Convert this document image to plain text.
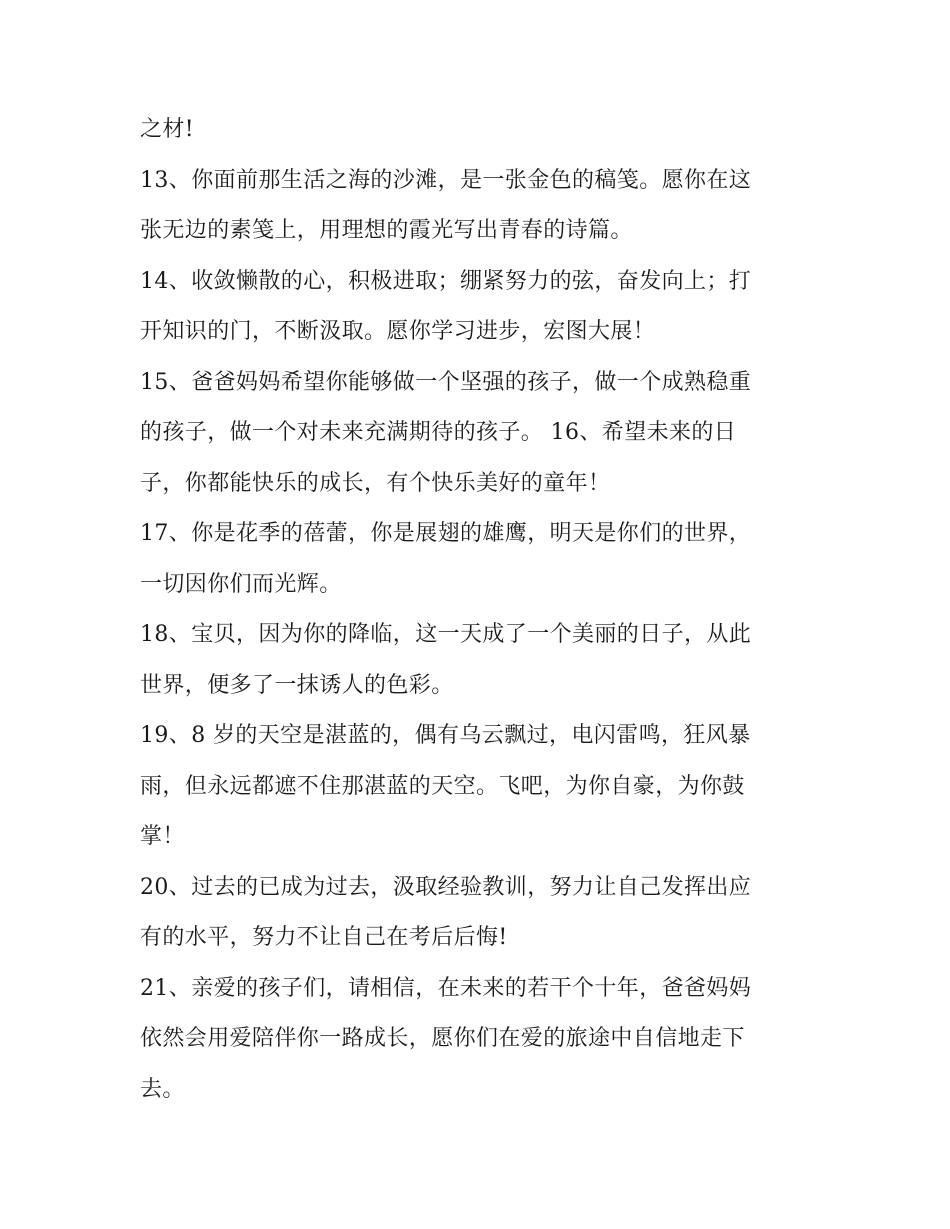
之材!
13、你面前那生活之海的沙滩，是一张金色的稿笺。愿你在这
张无边的素笺上，用理想的霞光写出青春的诗篇。
14、收敛懒散的心，积极进取；绷紧努力的弦，奋发向上；打
开知识的门，不断汲取。愿你学习进步，宏图大展！
15、爸爸妈妈希望你能够做一个坚强的孩子，做一个成熟稳重
的孩子，做一个对未来充满期待的孩子。 16、希望未来的日
子，你都能快乐的成长，有个快乐美好的童年！
17、你是花季的蓓蕾，你是展翅的雄鹰，明天是你们的世界，
一切因你们而光辉。
18、宝贝，因为你的降临，这一天成了一个美丽的日子，从此
世界，便多了一抹诱人的色彩。
19、8 岁的天空是湛蓝的，偶有乌云飘过，电闪雷鸣，狂风暴
雨，但永远都遮不住那湛蓝的天空。飞吧，为你自豪，为你鼓
掌！
20、过去的已成为过去，汲取经验教训，努力让自己发挥出应
有的水平，努力不让自己在考后后悔!
21、亲爱的孩子们，请相信，在未来的若干个十年，爸爸妈妈
依然会用爱陪伴你一路成长，愿你们在爱的旅途中自信地走下
去。
